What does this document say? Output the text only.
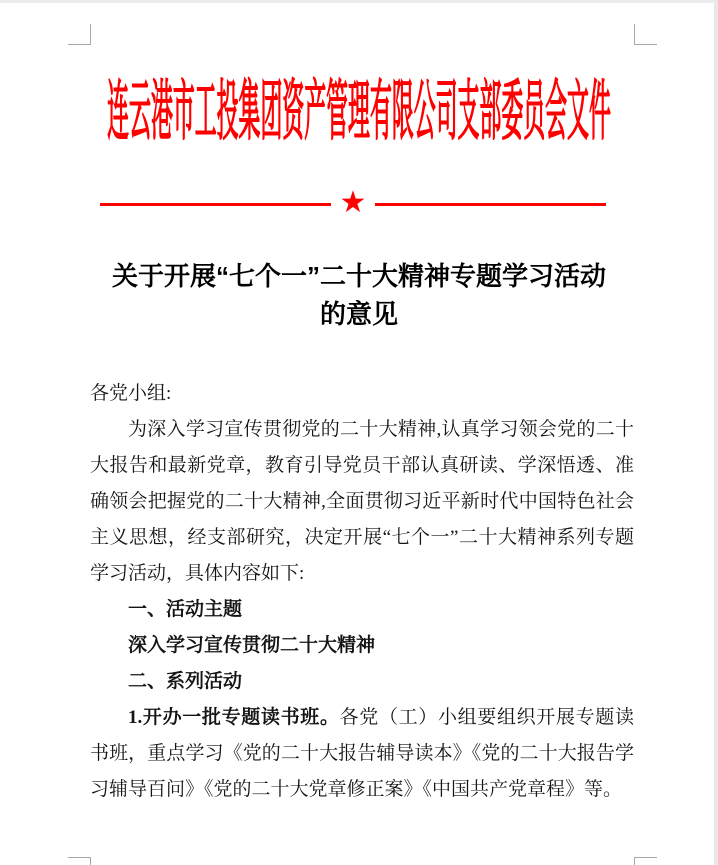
连云港市工投集团资产管理有限公司支部委员会文件
★
关于开展“七个一”二十大精神专题学习活动
的意见

各党小组:

为深入学习宣传贯彻党的二十大精神,认真学习领会党的二十大报告和最新党章，教育引导党员干部认真研读、学深悟透、准确领会把握党的二十大精神,全面贯彻习近平新时代中国特色社会主义思想，经支部研究，决定开展“七个一”二十大精神系列专题学习活动，具体内容如下:

一、活动主题

深入学习宣传贯彻二十大精神

二、系列活动

1.开办一批专题读书班。各党（工）小组要组织开展专题读书班，重点学习《党的二十大报告辅导读本》《党的二十大报告学习辅导百问》《党的二十大党章修正案》《中国共产党章程》等。
